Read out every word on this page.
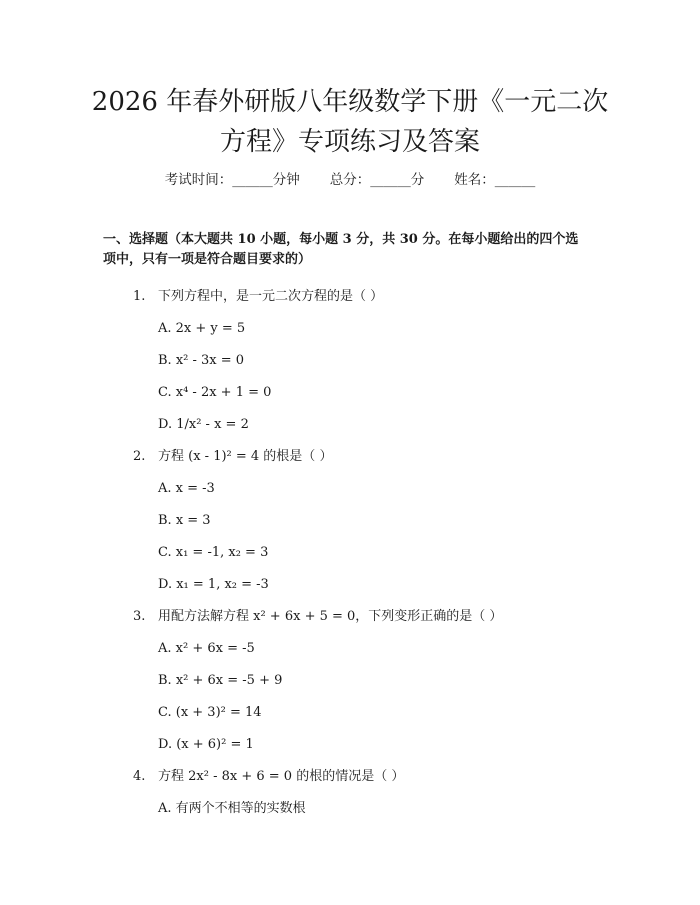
2026 年春外研版八年级数学下册《一元二次
方程》专项练习及答案
考试时间：______分钟 总分：______分 姓名：______
一、选择题（本大题共 10 小题，每小题 3 分，共 30 分。在每小题给出的四个选
项中，只有一项是符合题目要求的）
1. 下列方程中，是一元二次方程的是（ ）
A. 2x + y = 5
B. x² - 3x = 0
C. x⁴ - 2x + 1 = 0
D. 1/x² - x = 2
2. 方程 (x - 1)² = 4 的根是（ ）
A. x = -3
B. x = 3
C. x₁ = -1, x₂ = 3
D. x₁ = 1, x₂ = -3
3. 用配方法解方程 x² + 6x + 5 = 0，下列变形正确的是（ ）
A. x² + 6x = -5
B. x² + 6x = -5 + 9
C. (x + 3)² = 14
D. (x + 6)² = 1
4. 方程 2x² - 8x + 6 = 0 的根的情况是（ ）
A. 有两个不相等的实数根
